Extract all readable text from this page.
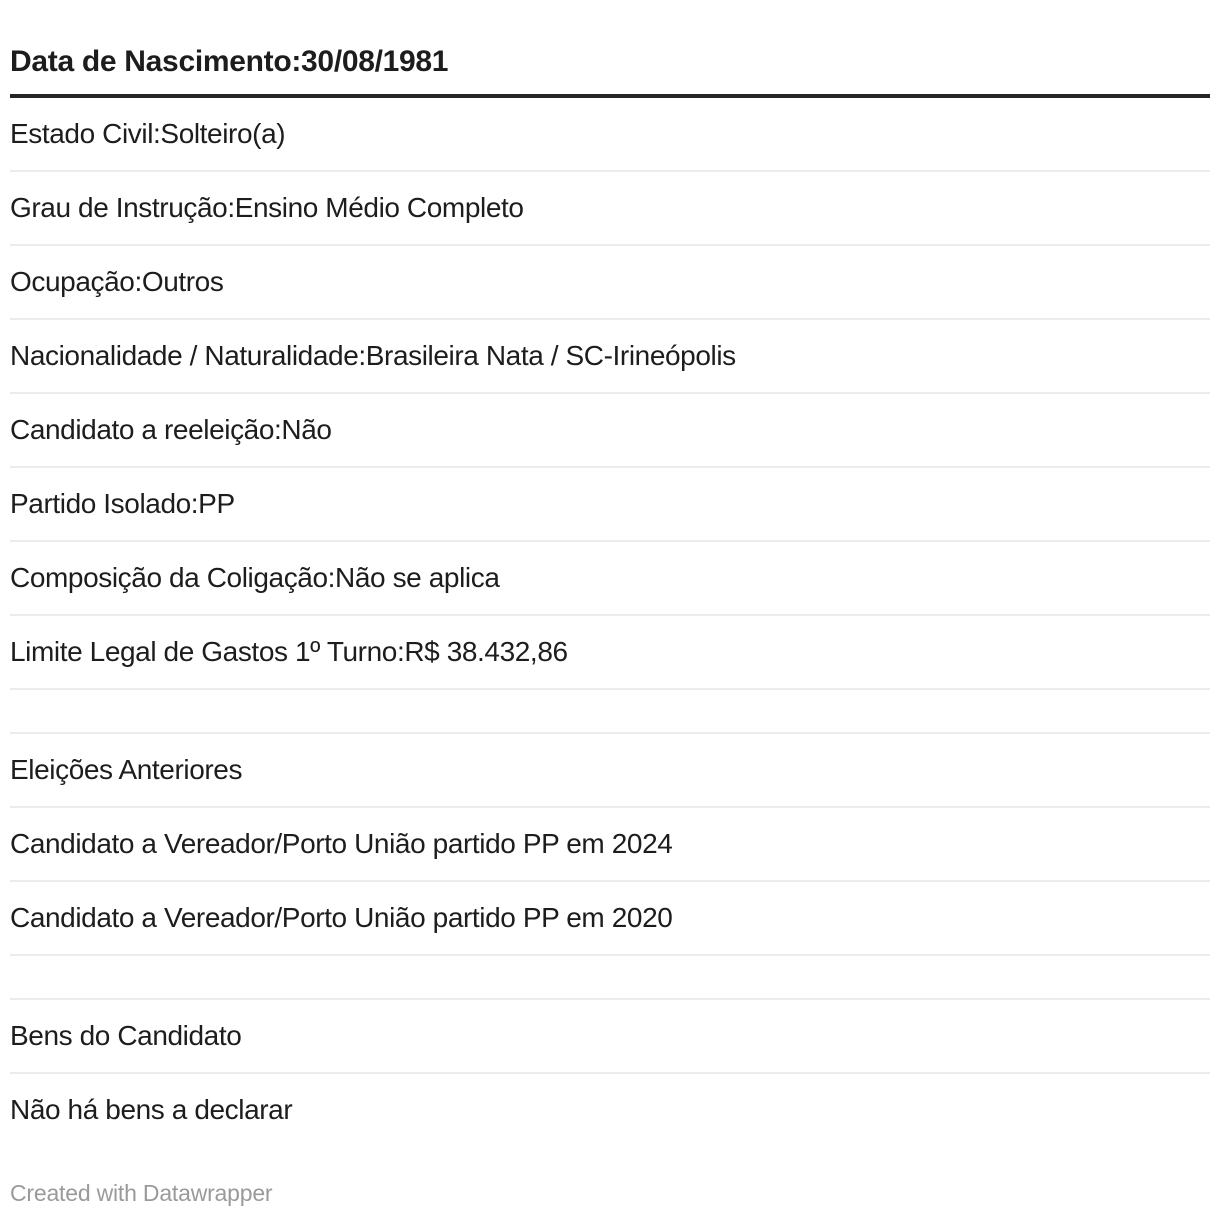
Data de Nascimento:30/08/1981
Estado Civil:Solteiro(a)
Grau de Instrução:Ensino Médio Completo
Ocupação:Outros
Nacionalidade / Naturalidade:Brasileira Nata / SC-Irineópolis
Candidato a reeleição:Não
Partido Isolado:PP
Composição da Coligação:Não se aplica
Limite Legal de Gastos 1º Turno:R$ 38.432,86
Eleições Anteriores
Candidato a Vereador/Porto União partido PP em 2024
Candidato a Vereador/Porto União partido PP em 2020
Bens do Candidato
Não há bens a declarar
Created with Datawrapper
